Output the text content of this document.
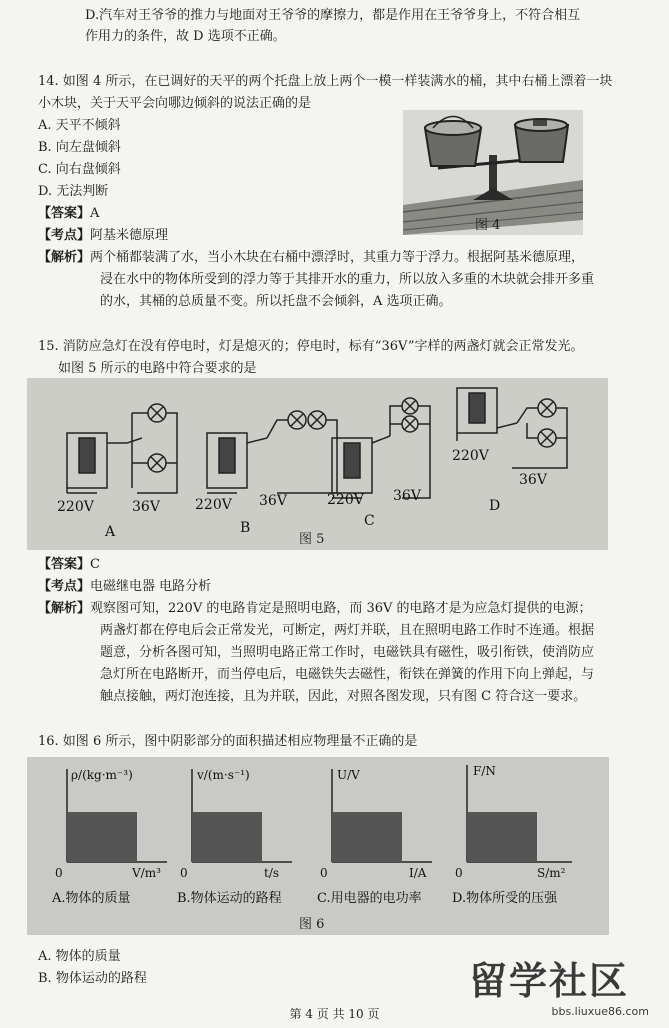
D.汽车对王爷爷的推力与地面对王爷爷的摩擦力，都是作用在王爷爷身上，不符合相互
作用力的条件，故 D 选项不正确。
14. 如图 4 所示，在已调好的天平的两个托盘上放上两个一模一样装满水的桶，其中右桶上漂着一块
小木块，关于天平会向哪边倾斜的说法正确的是
A. 天平不倾斜
B. 向左盘倾斜
C. 向右盘倾斜
D. 无法判断
【答案】A
【考点】阿基米德原理
【解析】两个桶都装满了水，当小木块在右桶中漂浮时，其重力等于浮力。根据阿基米德原理，
浸在水中的物体所受到的浮力等于其排开水的重力，所以放入多重的木块就会排开多重
的水，其桶的总质量不变。所以托盘不会倾斜，A 选项正确。
图 4
15. 消防应急灯在没有停电时，灯是熄灭的；停电时，标有“36V”字样的两盏灯就会正常发光。
如图 5 所示的电路中符合要求的是
220V	36V
A
220V 36V
B
220V 36V
C
220V
36V
D
图 5
【答案】C
【考点】电磁继电器 电路分析
【解析】观察图可知，220V 的电路肯定是照明电路，而 36V 的电路才是为应急灯提供的电源；
两盏灯都在停电后会正常发光，可断定，两灯并联，且在照明电路工作时不连通。根据
题意，分析各图可知，当照明电路正常工作时，电磁铁具有磁性，吸引衔铁，使消防应
急灯所在电路断开，而当停电后，电磁铁失去磁性，衔铁在弹簧的作用下向上弹起，与
触点接触，两灯泡连接，且为并联，因此，对照各图发现，只有图 C 符合这一要求。
16. 如图 6 所示，图中阴影部分的面积描述相应物理量不正确的是
0
ρ/(kg·m⁻³)
V/m³
A.物体的质量
0
v/(m·s⁻¹)
t/s
B.物体运动的路程
0
U/V
I/A
C.用电器的电功率
0
F/N
S/m²
D.物体所受的压强
图 6
A. 物体的质量
B. 物体运动的路程	留学社区
bbs.liuxue86.com
第 4 页 共 10 页
